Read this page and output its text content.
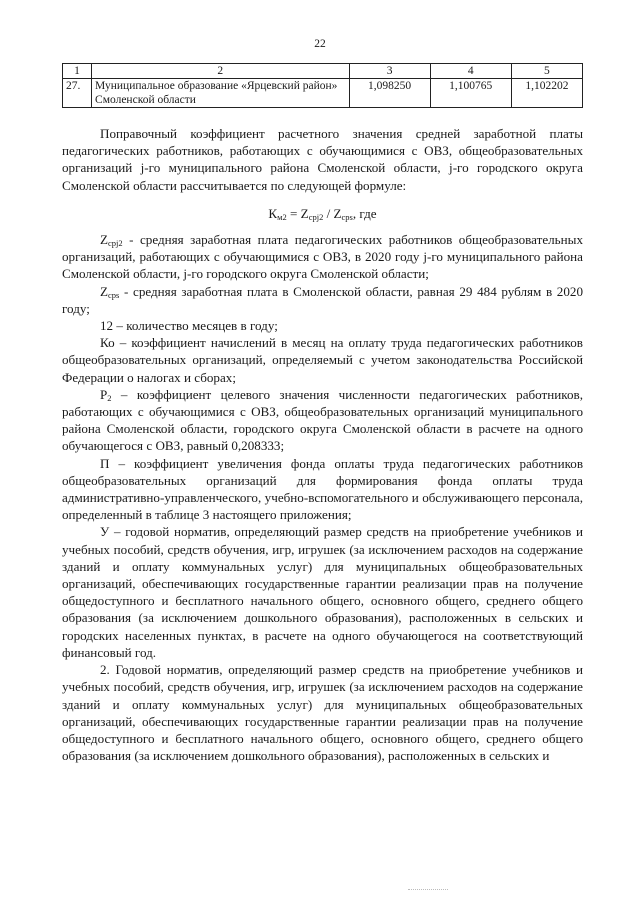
22
1	2	3	4	5
27.	Муниципальное образование «Ярцевский район» Смоленской области	1,098250	1,100765	1,102202

Поправочный коэффициент расчетного значения средней заработной платы педагогических работников, работающих с обучающимися с ОВЗ, общеобразовательных организаций j-го муниципального района Смоленской области, j-го городского округа Смоленской области рассчитывается по следующей формуле:

$К_{м2} = Z_{срj2} / Z_{срs}$, где

$Z_{срj2}$ - средняя заработная плата педагогических работников общеобразовательных организаций, работающих с обучающимися с ОВЗ, в 2020 году j-го муниципального района Смоленской области, j-го городского округа Смоленской области;

$Z_{срs}$ - средняя заработная плата в Смоленской области, равная 29 484 рублям в 2020 году;

12 – количество месяцев в году;

Ко – коэффициент начислений в месяц на оплату труда педагогических работников общеобразовательных организаций, определяемый с учетом законодательства Российской Федерации о налогах и сборах;

$Р_2$ – коэффициент целевого значения численности педагогических работников, работающих с обучающимися с ОВЗ, общеобразовательных организаций муниципального района Смоленской области, городского округа Смоленской области в расчете на одного обучающегося с ОВЗ, равный 0,208333;

П – коэффициент увеличения фонда оплаты труда педагогических работников общеобразовательных организаций для формирования фонда оплаты труда административно-управленческого, учебно-вспомогательного и обслуживающего персонала, определенный в таблице 3 настоящего приложения;

У – годовой норматив, определяющий размер средств на приобретение учебников и учебных пособий, средств обучения, игр, игрушек (за исключением расходов на содержание зданий и оплату коммунальных услуг) для муниципальных общеобразовательных организаций, обеспечивающих государственные гарантии реализации прав на получение общедоступного и бесплатного начального общего, основного общего, среднего общего образования (за исключением дошкольного образования), расположенных в сельских и городских населенных пунктах, в расчете на одного обучающегося на соответствующий финансовый год.

2. Годовой норматив, определяющий размер средств на приобретение учебников и учебных пособий, средств обучения, игр, игрушек (за исключением расходов на содержание зданий и оплату коммунальных услуг) для муниципальных общеобразовательных организаций, обеспечивающих государственные гарантии реализации прав на получение общедоступного и бесплатного начального общего, основного общего, среднего общего образования (за исключением дошкольного образования), расположенных в сельских и
